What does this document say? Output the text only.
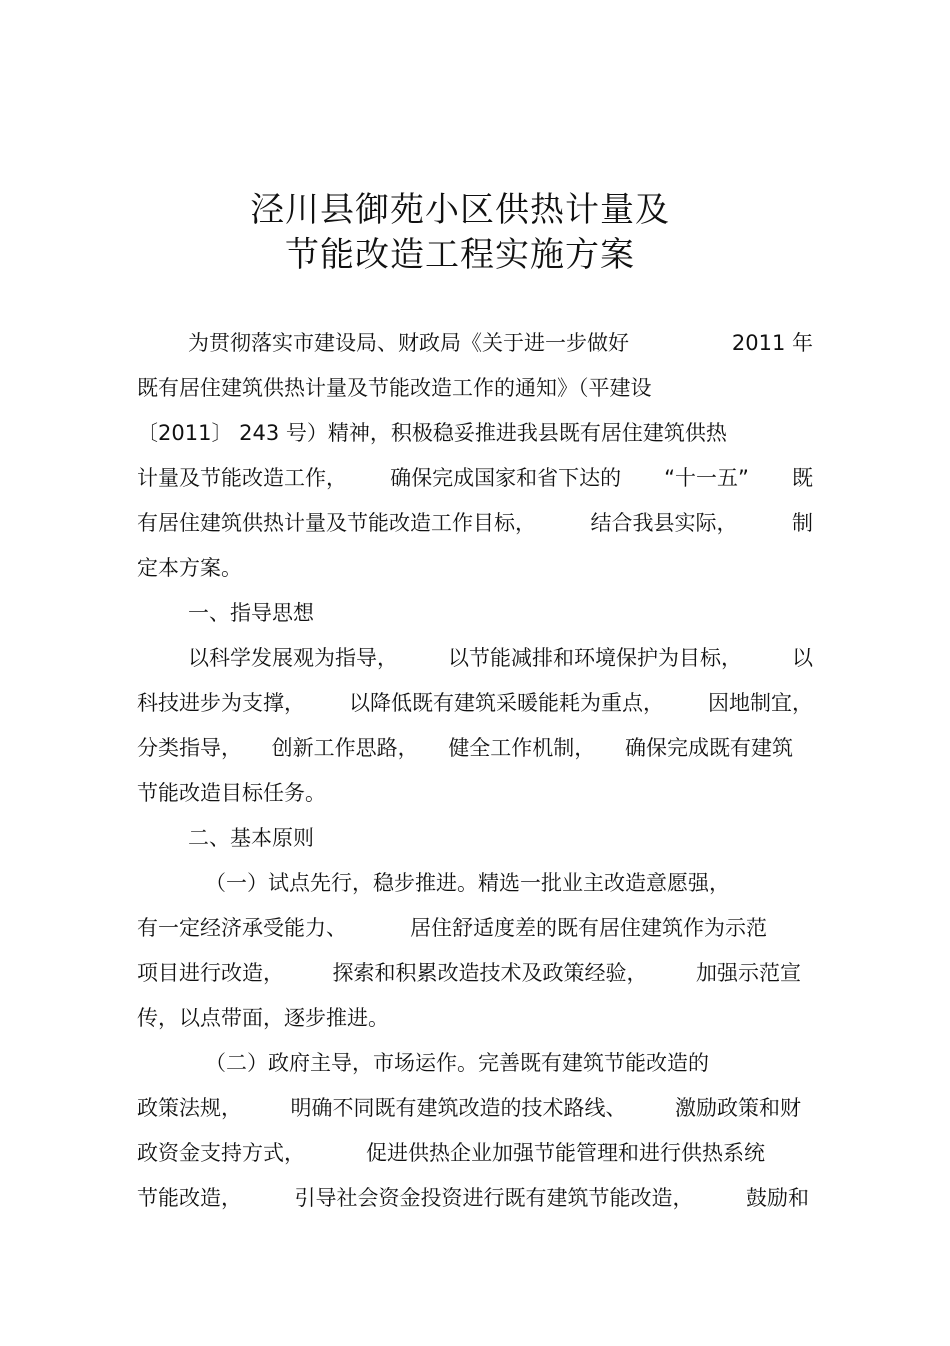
泾川县御苑小区供热计量及
节能改造工程实施方案
为贯彻落实市建设局、财政局《关于进一步做好	2011 年
既有居住建筑供热计量及节能改造工作的通知》（平建设
〔2011〕 243 号）精神，积极稳妥推进我县既有居住建筑供热
计量及节能改造工作， 确保完成国家和省下达的 “十一五” 既
有居住建筑供热计量及节能改造工作目标，	结合我县实际，	制
定本方案。
一、指导思想
以科学发展观为指导， 以节能减排和环境保护为目标， 以
科技进步为支撑， 以降低既有建筑采暖能耗为重点， 因地制宜，
分类指导， 创新工作思路， 健全工作机制， 确保完成既有建筑
节能改造目标任务。
二、基本原则
（一）试点先行，稳步推进。精选一批业主改造意愿强，
有一定经济承受能力、	居住舒适度差的既有居住建筑作为示范
项目进行改造， 探索和积累改造技术及政策经验， 加强示范宣
传，以点带面，逐步推进。
（二）政府主导，市场运作。完善既有建筑节能改造的
政策法规， 明确不同既有建筑改造的技术路线、 激励政策和财
政资金支持方式，	促进供热企业加强节能管理和进行供热系统
节能改造，	引导社会资金投资进行既有建筑节能改造，	鼓励和
